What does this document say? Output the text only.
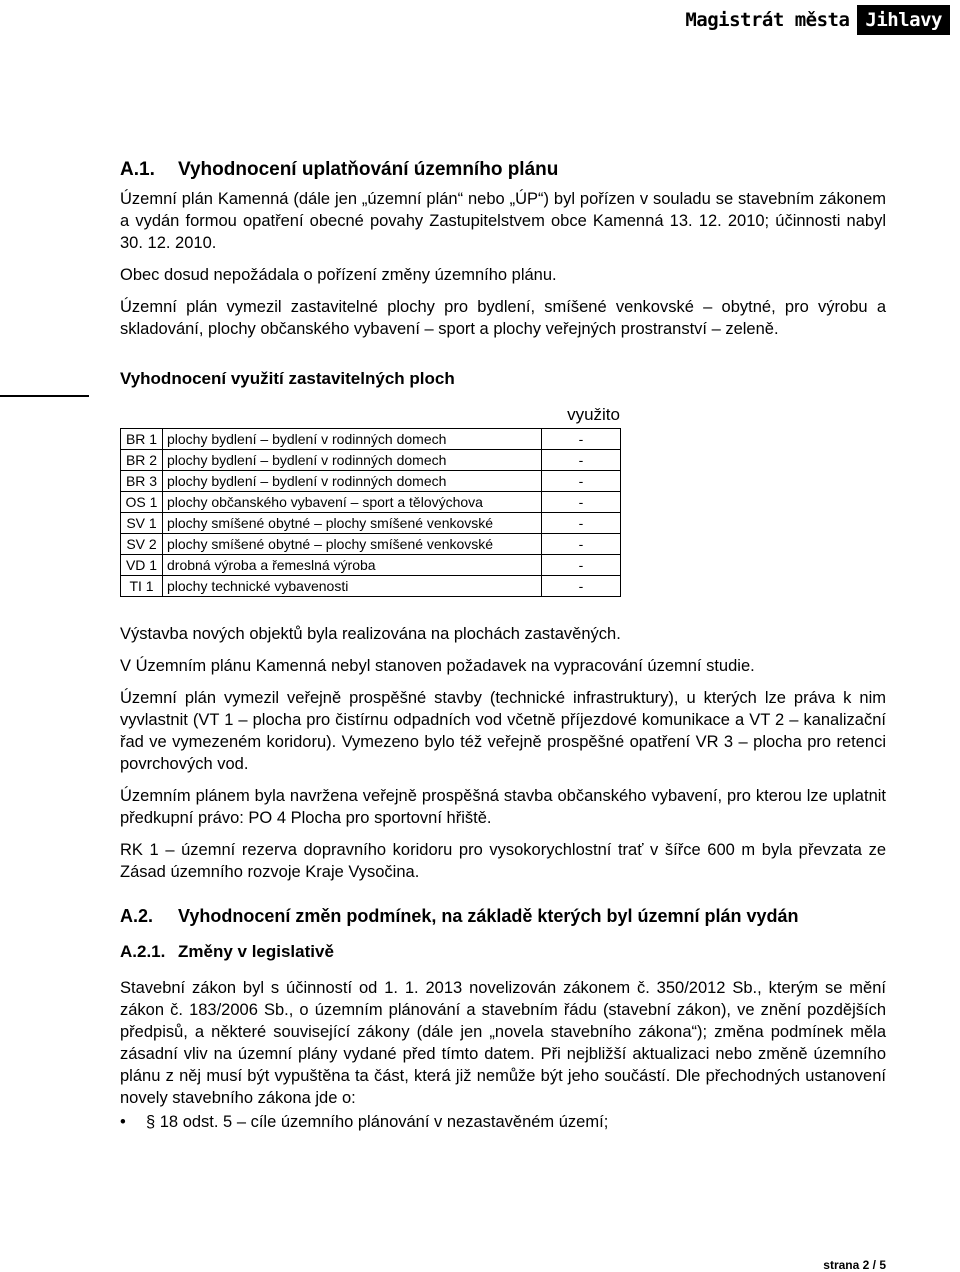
Magistrát města Jihlavy
A.1.	Vyhodnocení uplatňování územního plánu

Územní plán Kamenná (dále jen „územní plán“ nebo „ÚP“) byl pořízen v souladu se stavebním zákonem a vydán formou opatření obecné povahy Zastupitelstvem obce Kamenná 13. 12. 2010; účinnosti nabyl 30. 12. 2010.

Obec dosud nepožádala o pořízení změny územního plánu.

Územní plán vymezil zastavitelné plochy pro bydlení, smíšené venkovské – obytné, pro výrobu a skladování, plochy občanského vybavení – sport a plochy veřejných prostranství – zeleně.

Vyhodnocení využití zastavitelných ploch
využito
BR 1	plochy bydlení – bydlení v rodinných domech	-
BR 2	plochy bydlení – bydlení v rodinných domech	-
BR 3	plochy bydlení – bydlení v rodinných domech	-
OS 1	plochy občanského vybavení – sport a tělovýchova	-
SV 1	plochy smíšené obytné – plochy smíšené venkovské	-
SV 2	plochy smíšené obytné – plochy smíšené venkovské	-
VD 1	drobná výroba a řemeslná výroba	-
TI 1	plochy technické vybavenosti	-

Výstavba nových objektů byla realizována na plochách zastavěných.

V Územním plánu Kamenná nebyl stanoven požadavek na vypracování územní studie.

Územní plán vymezil veřejně prospěšné stavby (technické infrastruktury), u kterých lze práva k nim vyvlastnit (VT 1 – plocha pro čistírnu odpadních vod včetně příjezdové komunikace a VT 2 – kanalizační řad ve vymezeném koridoru). Vymezeno bylo též veřejně prospěšné opatření VR 3 – plocha pro retenci povrchových vod.

Územním plánem byla navržena veřejně prospěšná stavba občanského vybavení, pro kterou lze uplatnit předkupní právo: PO 4 Plocha pro sportovní hřiště.

RK 1 – územní rezerva dopravního koridoru pro vysokorychlostní trať v šířce 600 m byla převzata ze Zásad územního rozvoje Kraje Vysočina.

A.2.	Vyhodnocení změn podmínek, na základě kterých byl územní plán vydán
A.2.1. Změny v legislativě

Stavební zákon byl s účinností od 1. 1. 2013 novelizován zákonem č. 350/2012 Sb., kterým se mění zákon č. 183/2006 Sb., o územním plánování a stavebním řádu (stavební zákon), ve znění pozdějších předpisů, a některé související zákony (dále jen „novela stavebního zákona“); změna podmínek měla zásadní vliv na územní plány vydané před tímto datem. Při nejbližší aktualizaci nebo změně územního plánu z něj musí být vypuštěna ta část, která již nemůže být jeho součástí. Dle přechodných ustanovení novely stavebního zákona jde o:

•	§ 18 odst. 5 – cíle územního plánování v nezastavěném území;
strana 2 / 5
